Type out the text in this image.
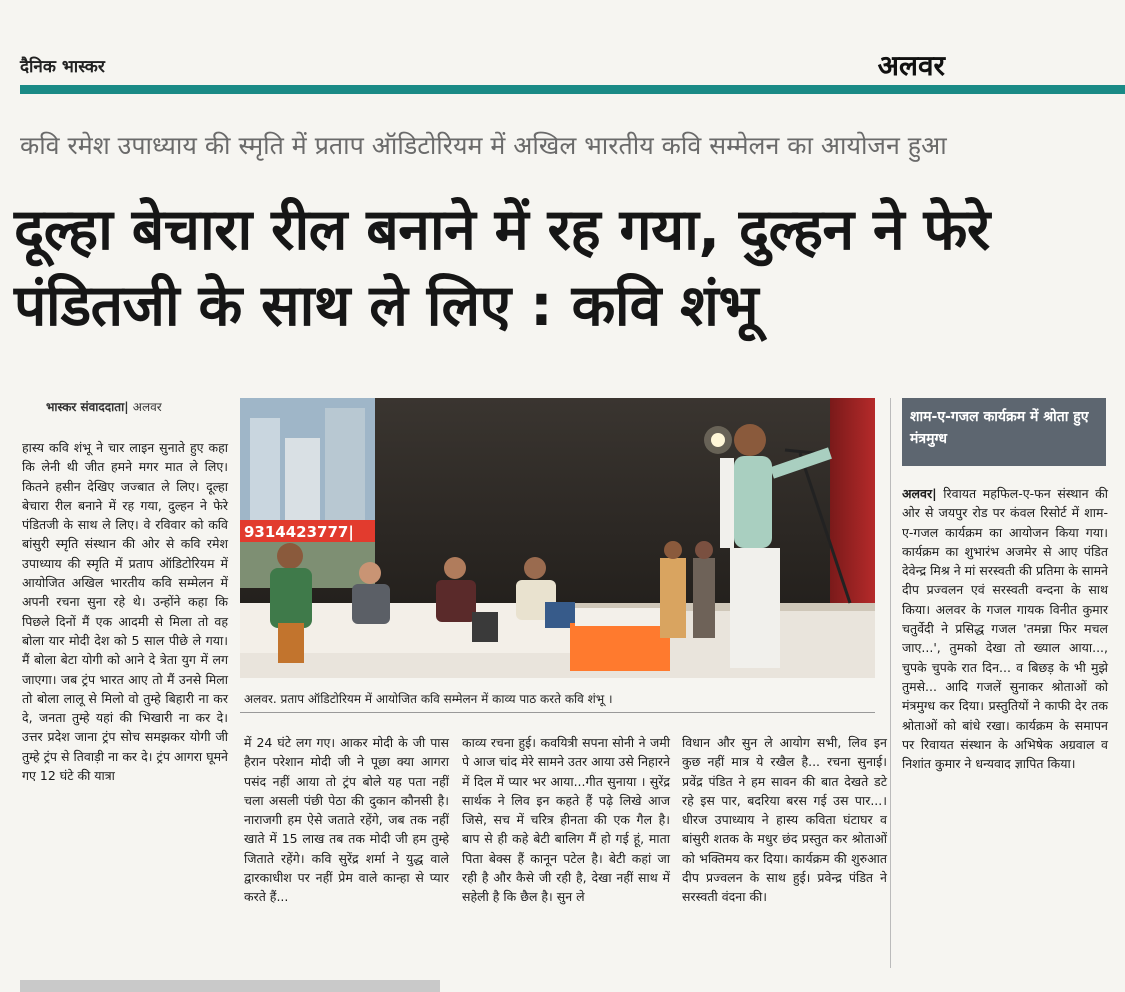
दैनिक भास्कर	अलवर
कवि रमेश उपाध्याय की स्मृति में प्रताप ऑडिटोरियम में अखिल भारतीय कवि सम्मेलन का आयोजन हुआ
दूल्हा बेचारा रील बनाने में रह गया, दुल्हन ने फेरे पंडितजी के साथ ले लिए : कवि शंभू
भास्कर संवाददाता| अलवर
9314423777|
अलवर. प्रताप ऑडिटोरियम में आयोजित कवि सम्मेलन में काव्य पाठ करते कवि शंभू ।
हास्य कवि शंभू ने चार लाइन सुनाते हुए कहा कि लेनी थी जीत हमने मगर मात ले लिए। कितने हसीन देखिए जज्बात ले लिए। दूल्हा बेचारा रील बनाने में रह गया, दुल्हन ने फेरे पंडितजी के साथ ले लिए। वे रविवार को कवि बांसुरी स्मृति संस्थान की ओर से कवि रमेश उपाध्याय की स्मृति में प्रताप ऑडिटोरियम में आयोजित अखिल भारतीय कवि सम्मेलन में अपनी रचना सुना रहे थे। उन्होंने कहा कि पिछले दिनों मैं एक आदमी से मिला तो वह बोला यार मोदी देश को 5 साल पीछे ले गया। मैं बोला बेटा योगी को आने दे त्रेता युग में लग जाएगा। जब ट्रंप भारत आए तो मैं उनसे मिला तो बोला लालू से मिलो वो तुम्हे बिहारी ना कर दे, जनता तुम्हे यहां की भिखारी ना कर दे। उत्तर प्रदेश जाना ट्रंप सोच समझकर योगी जी तुम्हे ट्रंप से तिवाड़ी ना कर दे। ट्रंप आगरा घूमने गए 12 घंटे की यात्रा
में 24 घंटे लग गए। आकर मोदी के जी पास हैरान परेशान मोदी जी ने पूछा क्या आगरा पसंद नहीं आया तो ट्रंप बोले यह पता नहीं चला असली पंछी पेठा की दुकान कौनसी है। नाराजगी हम ऐसे जताते रहेंगे, जब तक नहीं खाते में 15 लाख तब तक मोदी जी हम तुम्हे जिताते रहेंगे। कवि सुरेंद्र शर्मा ने युद्ध वाले द्वारकाधीश पर नहीं प्रेम वाले कान्हा से प्यार करते हैं...
काव्य रचना हुई। कवयित्री सपना सोनी ने जमी पे आज चांद मेरे सामने उतर आया उसे निहारने में दिल में प्यार भर आया...गीत सुनाया । सुरेंद्र सार्थक ने लिव इन कहते हैं पढ़े लिखे आज जिसे, सच में चरित्र हीनता की एक गैल है। बाप से ही कहे बेटी बालिग मैं हो गई हूं, माता पिता बेक्स हैं कानून पटेल है। बेटी कहां जा रही है और कैसे जी रही है, देखा नहीं साथ में सहेली है कि छैल है। सुन ले
विधान और सुन ले आयोग सभी, लिव इन कुछ नहीं मात्र ये रखैल है... रचना सुनाई। प्रवेंद्र पंडित ने हम सावन की बात देखते डटे रहे इस पार, बदरिया बरस गई उस पार...। धीरज उपाध्याय ने हास्य कविता घंटाघर व बांसुरी शतक के मधुर छंद प्रस्तुत कर श्रोताओं को भक्तिमय कर दिया। कार्यक्रम की शुरुआत दीप प्रज्वलन के साथ हुई। प्रवेन्द्र पंडित ने सरस्वती वंदना की।
शाम-ए-गजल कार्यक्रम में श्रोता हुए मंत्रमुग्ध
अलवर| रिवायत महफिल-ए-फन संस्थान की ओर से जयपुर रोड पर कंवल रिसोर्ट में शाम-ए-गजल कार्यक्रम का आयोजन किया गया। कार्यक्रम का शुभारंभ अजमेर से आए पंडित देवेन्द्र मिश्र ने मां सरस्वती की प्रतिमा के सामने दीप प्रज्वलन एवं सरस्वती वन्दना के साथ किया। अलवर के गजल गायक विनीत कुमार चतुर्वेदी ने प्रसिद्ध गजल 'तमन्ना फिर मचल जाए...', तुमको देखा तो ख्याल आया..., चुपके चुपके रात दिन... व बिछड़ के भी मुझे तुमसे... आदि गजलें सुनाकर श्रोताओं को मंत्रमुग्ध कर दिया। प्रस्तुतियों ने काफी देर तक श्रोताओं को बांधे रखा। कार्यक्रम के समापन पर रिवायत संस्थान के अभिषेक अग्रवाल व निशांत कुमार ने धन्यवाद ज्ञापित किया।
